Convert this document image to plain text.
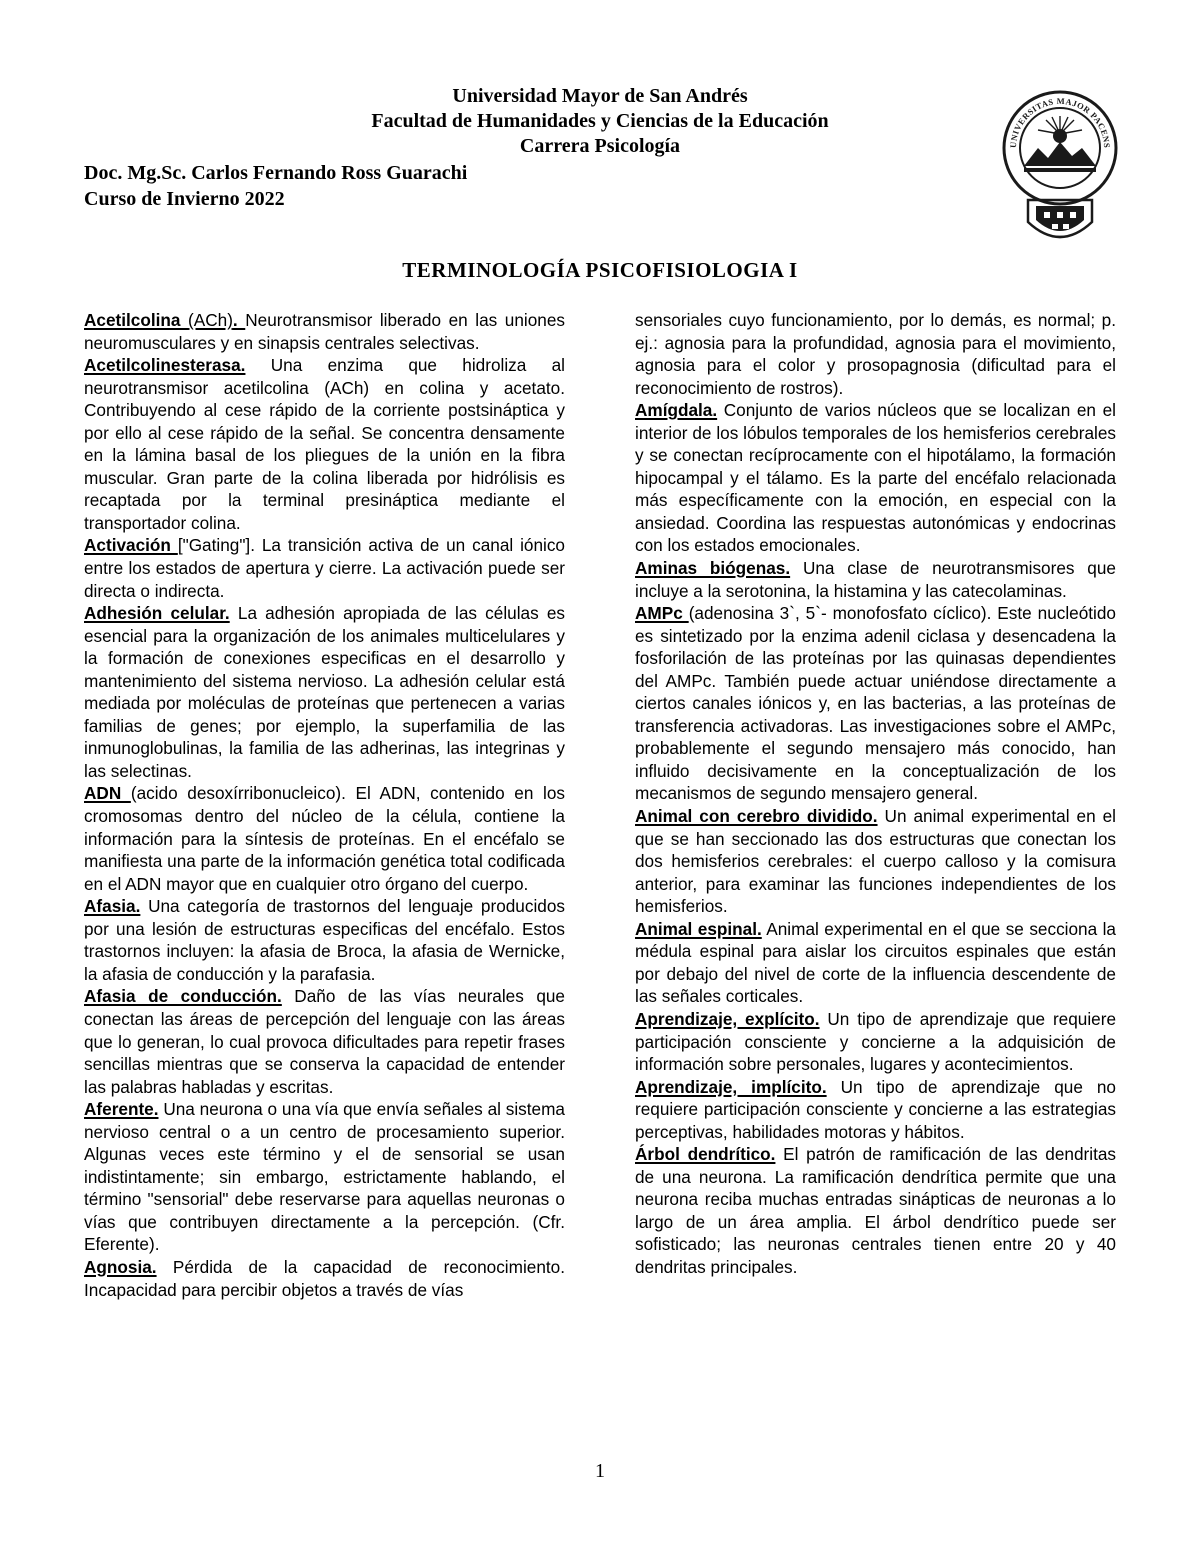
Universidad Mayor de San Andrés
Facultad de Humanidades y Ciencias de la Educación
Carrera Psicología
Doc. Mg.Sc. Carlos Fernando Ross Guarachi
Curso de Invierno 2022
UNIVERSITAS MAJOR PACENS
TERMINOLOGÍA PSICOFISIOLOGIA I

Acetilcolina (ACh). Neurotransmisor liberado en las uniones neuromusculares y en sinapsis centrales selectivas.

Acetilcolinesterasa. Una enzima que hidroliza al neurotransmisor acetilcolina (ACh) en colina y acetato. Contribuyendo al cese rápido de la corriente postsináptica y por ello al cese rápido de la señal. Se concentra densamente en la lámina basal de los pliegues de la unión en la fibra muscular. Gran parte de la colina liberada por hidrólisis es recaptada por la terminal presináptica mediante el transportador colina.

Activación ["Gating"]. La transición activa de un canal iónico entre los estados de apertura y cierre. La activación puede ser directa o indirecta.

Adhesión celular. La adhesión apropiada de las células es esencial para la organización de los animales multicelulares y la formación de conexiones especificas en el desarrollo y mantenimiento del sistema nervioso. La adhesión celular está mediada por moléculas de proteínas que pertenecen a varias familias de genes; por ejemplo, la superfamilia de las inmunoglobulinas, la familia de las adherinas, las integrinas y las selectinas.

ADN (acido desoxírribonucleico). El ADN, contenido en los cromosomas dentro del núcleo de la célula, contiene la información para la síntesis de proteínas. En el encéfalo se manifiesta una parte de la información genética total codificada en el ADN mayor que en cualquier otro órgano del cuerpo.

Afasia. Una categoría de trastornos del lenguaje producidos por una lesión de estructuras especificas del encéfalo. Estos trastornos incluyen: la afasia de Broca, la afasia de Wernicke, la afasia de conducción y la parafasia.

Afasia de conducción. Daño de las vías neurales que conectan las áreas de percepción del lenguaje con las áreas que lo generan, lo cual provoca dificultades para repetir frases sencillas mientras que se conserva la capacidad de entender las palabras habladas y escritas.

Aferente. Una neurona o una vía que envía señales al sistema nervioso central o a un centro de procesamiento superior. Algunas veces este término y el de sensorial se usan indistintamente; sin embargo, estrictamente hablando, el término "sensorial" debe reservarse para aquellas neuronas o vías que contribuyen directamente a la percepción. (Cfr. Eferente).

Agnosia. Pérdida de la capacidad de reconocimiento. Incapacidad para percibir objetos a través de vías

sensoriales cuyo funcionamiento, por lo demás, es normal; p. ej.: agnosia para la profundidad, agnosia para el movimiento, agnosia para el color y prosopagnosia (dificultad para el reconocimiento de rostros).

Amígdala. Conjunto de varios núcleos que se localizan en el interior de los lóbulos temporales de los hemisferios cerebrales y se conectan recíprocamente con el hipotálamo, la formación hipocampal y el tálamo. Es la parte del encéfalo relacionada más específicamente con la emoción, en especial con la ansiedad. Coordina las respuestas autonómicas y endocrinas con los estados emocionales.

Aminas biógenas. Una clase de neurotransmisores que incluye a la serotonina, la histamina y las catecolaminas.

AMPc (adenosina 3`, 5`- monofosfato cíclico). Este nucleótido es sintetizado por la enzima adenil ciclasa y desencadena la fosforilación de las proteínas por las quinasas dependientes del AMPc. También puede actuar uniéndose directamente a ciertos canales iónicos y, en las bacterias, a las proteínas de transferencia activadoras. Las investigaciones sobre el AMPc, probablemente el segundo mensajero más conocido, han influido decisivamente en la conceptualización de los mecanismos de segundo mensajero general.

Animal con cerebro dividido. Un animal experimental en el que se han seccionado las dos estructuras que conectan los dos hemisferios cerebrales: el cuerpo calloso y la comisura anterior, para examinar las funciones independientes de los hemisferios.

Animal espinal. Animal experimental en el que se secciona la médula espinal para aislar los circuitos espinales que están por debajo del nivel de corte de la influencia descendente de las señales corticales.

Aprendizaje, explícito. Un tipo de aprendizaje que requiere participación consciente y concierne a la adquisición de información sobre personales, lugares y acontecimientos.

Aprendizaje, implícito. Un tipo de aprendizaje que no requiere participación consciente y concierne a las estrategias perceptivas, habilidades motoras y hábitos.

Árbol dendrítico. El patrón de ramificación de las dendritas de una neurona. La ramificación dendrítica permite que una neurona reciba muchas entradas sinápticas de neuronas a lo largo de un área amplia. El árbol dendrítico puede ser sofisticado; las neuronas centrales tienen entre 20 y 40 dendritas principales.

1
